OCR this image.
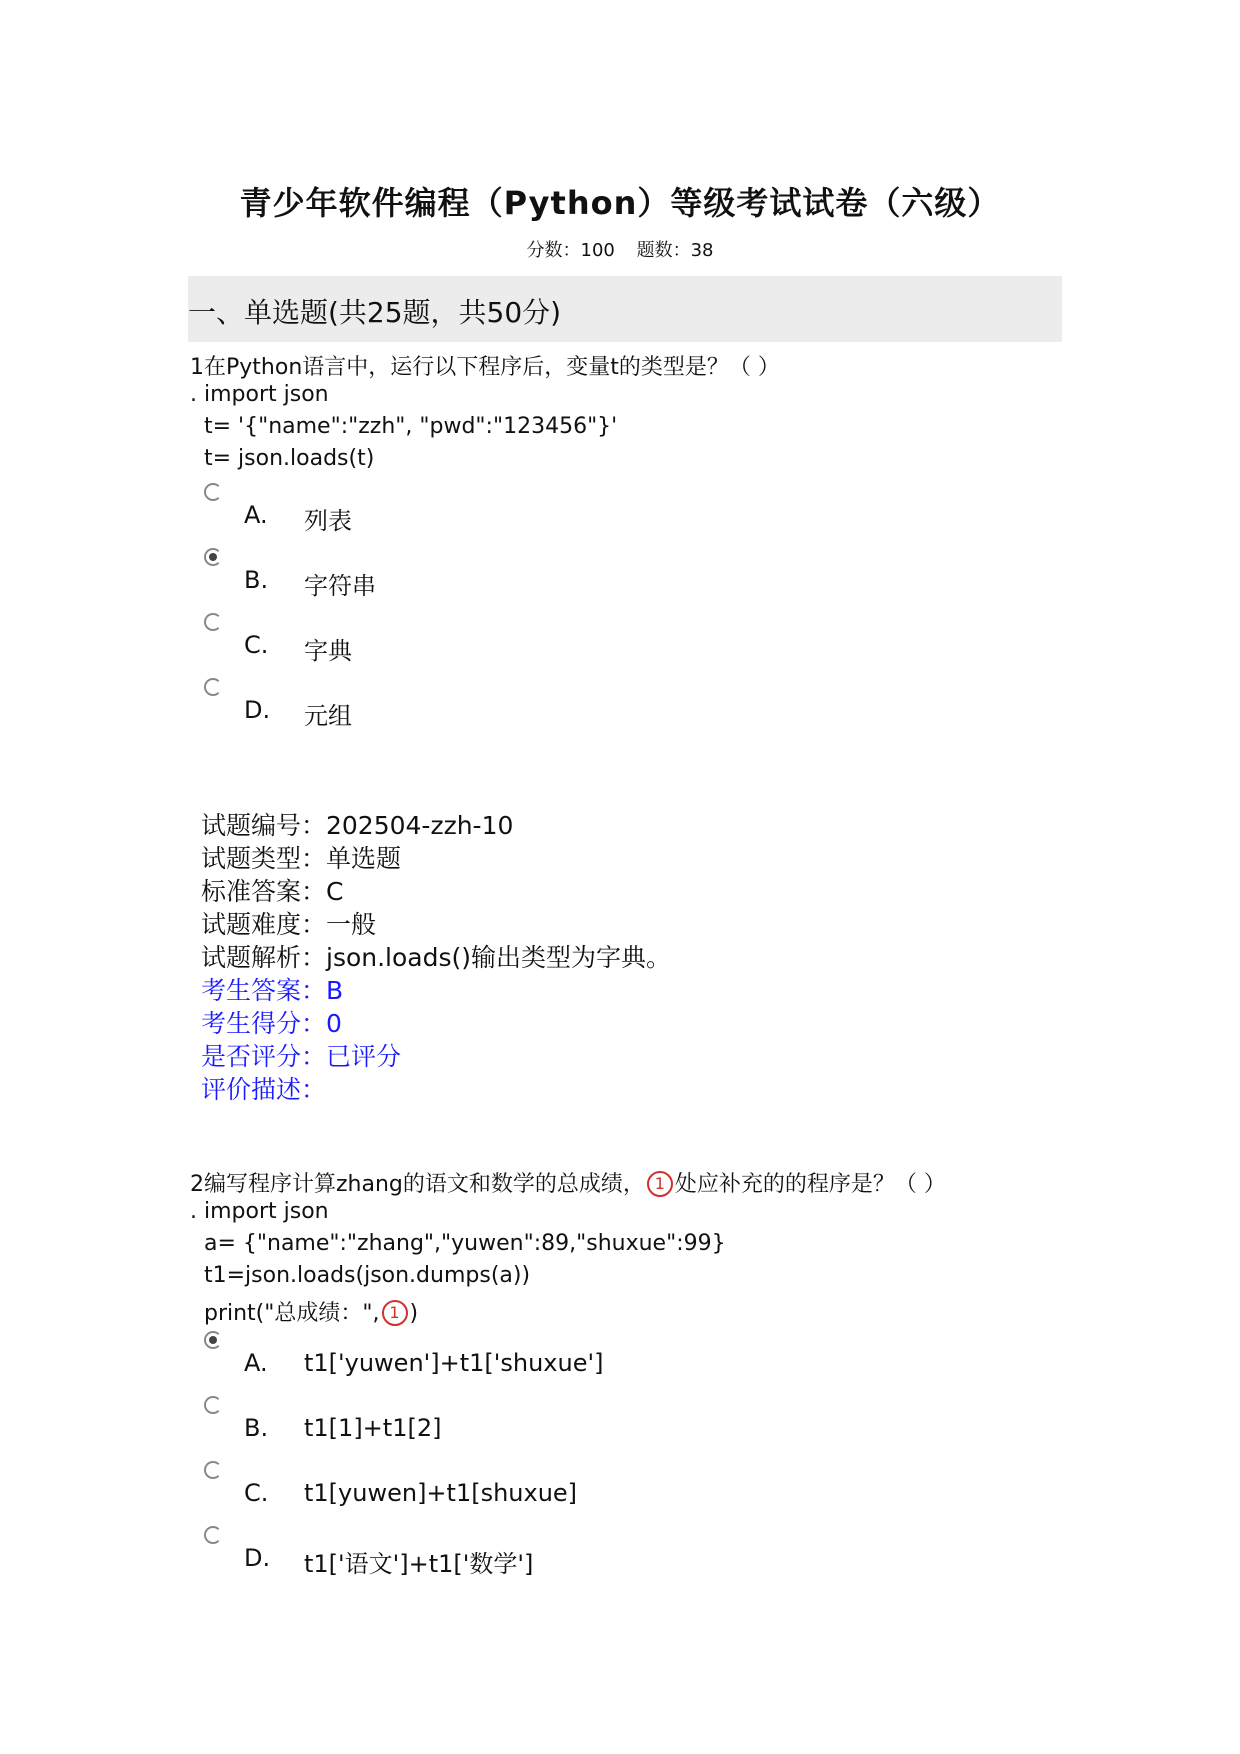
青少年软件编程（Python）等级考试试卷（六级）
分数：100 题数：38
一、单选题(共25题，共50分)
1在Python语言中，运行以下程序后，变量t的类型是？（ ）
. import json
t= '{"name":"zzh", "pwd":"123456"}'
t= json.loads(t)
A. 列表
B. 字符串
C. 字典
D. 元组
试题编号：202504-zzh-10
试题类型：单选题
标准答案：C
试题难度：一般
试题解析：json.loads()输出类型为字典。
考生答案：B
考生得分：0
是否评分：已评分
评价描述：
2编写程序计算zhang的语文和数学的总成绩， 1 处应补充的的程序是？（ ）
. import json
a= {"name":"zhang","yuwen":89,"shuxue":99}
t1=json.loads(json.dumps(a))
print("总成绩：", 1 )
A. t1['yuwen']+t1['shuxue']
B. t1[1]+t1[2]
C. t1[yuwen]+t1[shuxue]
D. t1['语文']+t1['数学']
